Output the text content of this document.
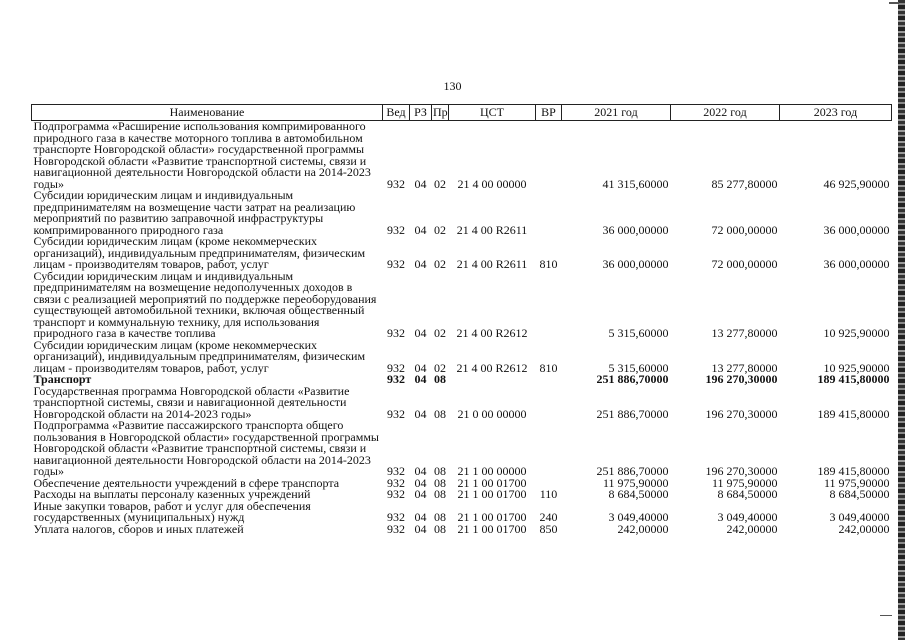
130
Наименование	Вед	РЗ	Пр	ЦСТ	ВР	2021 год	2022 год	2023 год
Подпрограмма «Расширение использования компримированного природного газа в качестве моторного топлива в автомобильном транспорте Новгородской области» государственной программы Новгородской области «Развитие транспортной системы, связи и навигационной деятельности Новгородской области на 2014-2023 годы»	932	04	02	21 4 00 00000		41 315,60000	85 277,80000	46 925,90000
Субсидии юридическим лицам и индивидуальным предпринимателям на возмещение части затрат на реализацию мероприятий по развитию заправочной инфраструктуры компримированного природного газа	932	04	02	21 4 00 R2611		36 000,00000	72 000,00000	36 000,00000
Субсидии юридическим лицам (кроме некоммерческих организаций), индивидуальным предпринимателям, физическим лицам - производителям товаров, работ, услуг	932	04	02	21 4 00 R2611	810	36 000,00000	72 000,00000	36 000,00000
Субсидии юридическим лицам и индивидуальным предпринимателям на возмещение недополученных доходов в связи с реализацией мероприятий по поддержке переоборудования существующей автомобильной техники, включая общественный транспорт и коммунальную технику, для использования природного газа в качестве топлива	932	04	02	21 4 00 R2612		5 315,60000	13 277,80000	10 925,90000
Субсидии юридическим лицам (кроме некоммерческих организаций), индивидуальным предпринимателям, физическим лицам - производителям товаров, работ, услуг	932	04	02	21 4 00 R2612	810	5 315,60000	13 277,80000	10 925,90000
Транспорт	932	04	08			251 886,70000	196 270,30000	189 415,80000
Государственная программа Новгородской области «Развитие транспортной системы, связи и навигационной деятельности Новгородской области на 2014-2023 годы»	932	04	08	21 0 00 00000		251 886,70000	196 270,30000	189 415,80000
Подпрограмма «Развитие пассажирского транспорта общего пользования в Новгородской области» государственной программы Новгородской области «Развитие транспортной системы, связи и навигационной деятельности Новгородской области на 2014-2023 годы»	932	04	08	21 1 00 00000		251 886,70000	196 270,30000	189 415,80000
Обеспечение деятельности учреждений в сфере транспорта	932	04	08	21 1 00 01700		11 975,90000	11 975,90000	11 975,90000
Расходы на выплаты персоналу казенных учреждений	932	04	08	21 1 00 01700	110	8 684,50000	8 684,50000	8 684,50000
Иные закупки товаров, работ и услуг для обеспечения государственных (муниципальных) нужд	932	04	08	21 1 00 01700	240	3 049,40000	3 049,40000	3 049,40000
Уплата налогов, сборов и иных платежей	932	04	08	21 1 00 01700	850	242,00000	242,00000	242,00000
